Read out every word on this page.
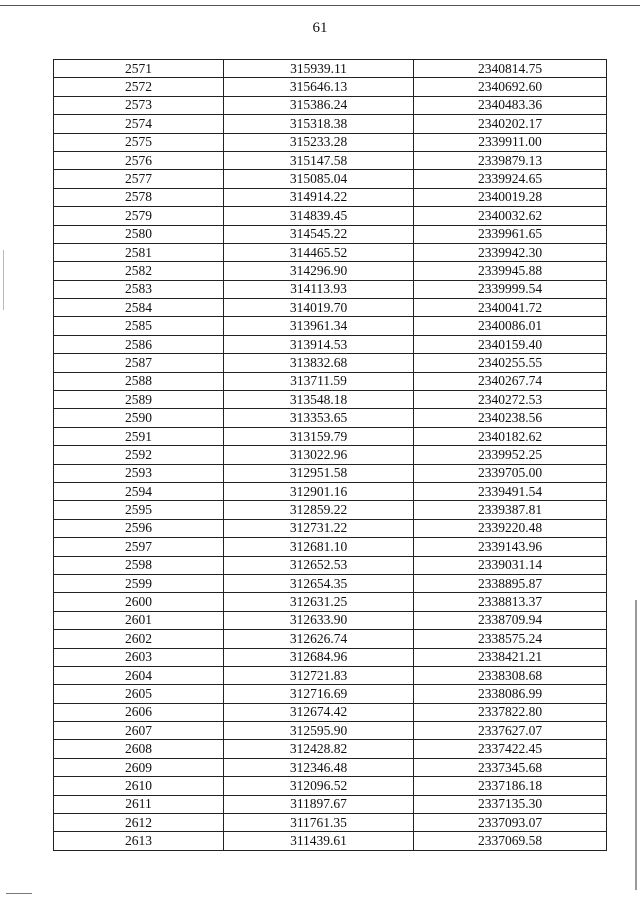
61
2571	315939.11	2340814.75
2572	315646.13	2340692.60
2573	315386.24	2340483.36
2574	315318.38	2340202.17
2575	315233.28	2339911.00
2576	315147.58	2339879.13
2577	315085.04	2339924.65
2578	314914.22	2340019.28
2579	314839.45	2340032.62
2580	314545.22	2339961.65
2581	314465.52	2339942.30
2582	314296.90	2339945.88
2583	314113.93	2339999.54
2584	314019.70	2340041.72
2585	313961.34	2340086.01
2586	313914.53	2340159.40
2587	313832.68	2340255.55
2588	313711.59	2340267.74
2589	313548.18	2340272.53
2590	313353.65	2340238.56
2591	313159.79	2340182.62
2592	313022.96	2339952.25
2593	312951.58	2339705.00
2594	312901.16	2339491.54
2595	312859.22	2339387.81
2596	312731.22	2339220.48
2597	312681.10	2339143.96
2598	312652.53	2339031.14
2599	312654.35	2338895.87
2600	312631.25	2338813.37
2601	312633.90	2338709.94
2602	312626.74	2338575.24
2603	312684.96	2338421.21
2604	312721.83	2338308.68
2605	312716.69	2338086.99
2606	312674.42	2337822.80
2607	312595.90	2337627.07
2608	312428.82	2337422.45
2609	312346.48	2337345.68
2610	312096.52	2337186.18
2611	311897.67	2337135.30
2612	311761.35	2337093.07
2613	311439.61	2337069.58
